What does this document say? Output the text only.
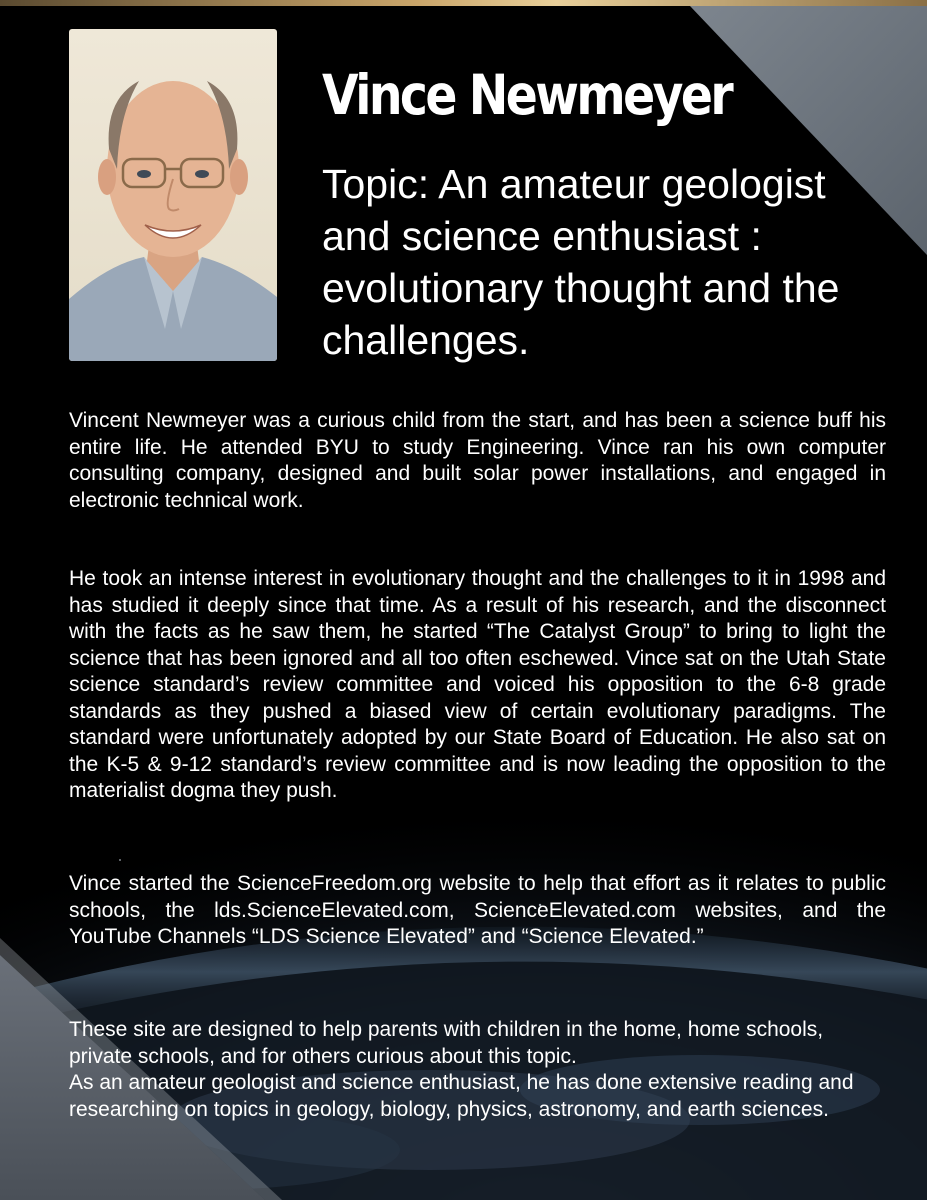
Vince Newmeyer
Topic: An amateur geologist and science enthusiast : evolutionary thought and the challenges.

Vincent Newmeyer was a curious child from the start, and has been a science buff his entire life. He attended BYU to study Engineering. Vince ran his own computer consulting company, designed and built solar power installations, and engaged in electronic technical work.

He took an intense interest in evolutionary thought and the challenges to it in 1998 and has studied it deeply since that time. As a result of his research, and the disconnect with the facts as he saw them, he started “The Catalyst Group” to bring to light the science that has been ignored and all too often eschewed. Vince sat on the Utah State science standard’s review committee and voiced his opposition to the 6-8 grade standards as they pushed a biased view of certain evolutionary paradigms. The standard were unfortunately adopted by our State Board of Education. He also sat on the K-5 & 9-12 standard’s review committee and is now leading the opposition to the materialist dogma they push.

Vince started the ScienceFreedom.org website to help that effort as it relates to public schools, the lds.ScienceElevated.com, ScienceElevated.com websites, and the YouTube Channels “LDS Science Elevated” and “Science Elevated.”

These site are designed to help parents with children in the home, home schools, private schools, and for others curious about this topic.

As an amateur geologist and science enthusiast, he has done extensive reading and researching on topics in geology, biology, physics, astronomy, and earth sciences.
